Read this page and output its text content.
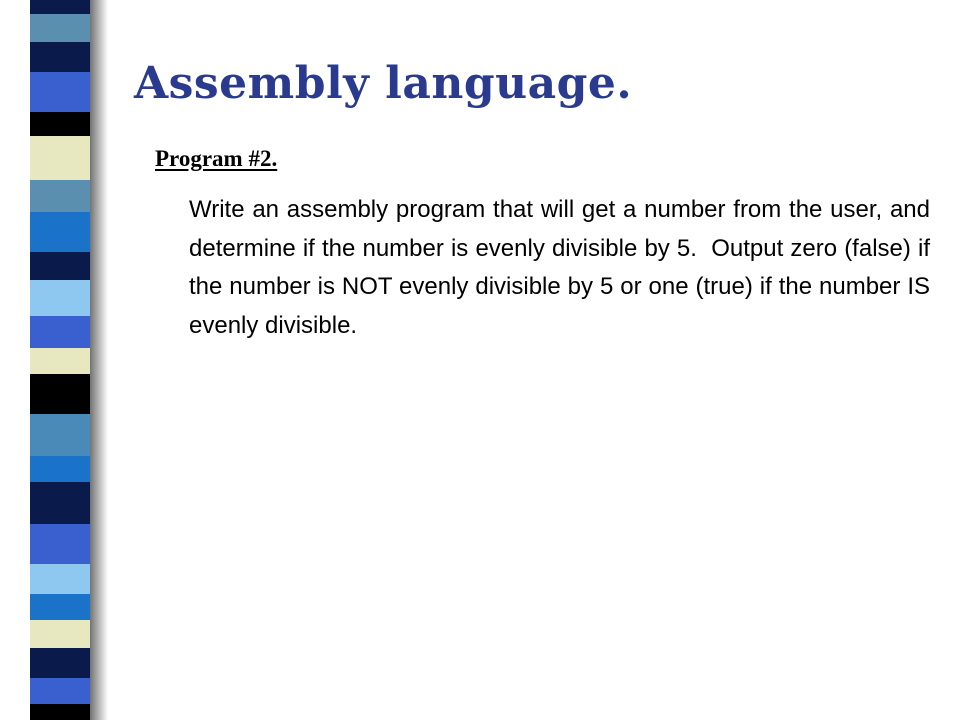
Assembly language.
Program #2.

Write an assembly program that will get a number from the user, and determine if the number is evenly divisible by 5.  Output zero (false) if the number is NOT evenly divisible by 5 or one (true) if the number IS evenly divisible.
